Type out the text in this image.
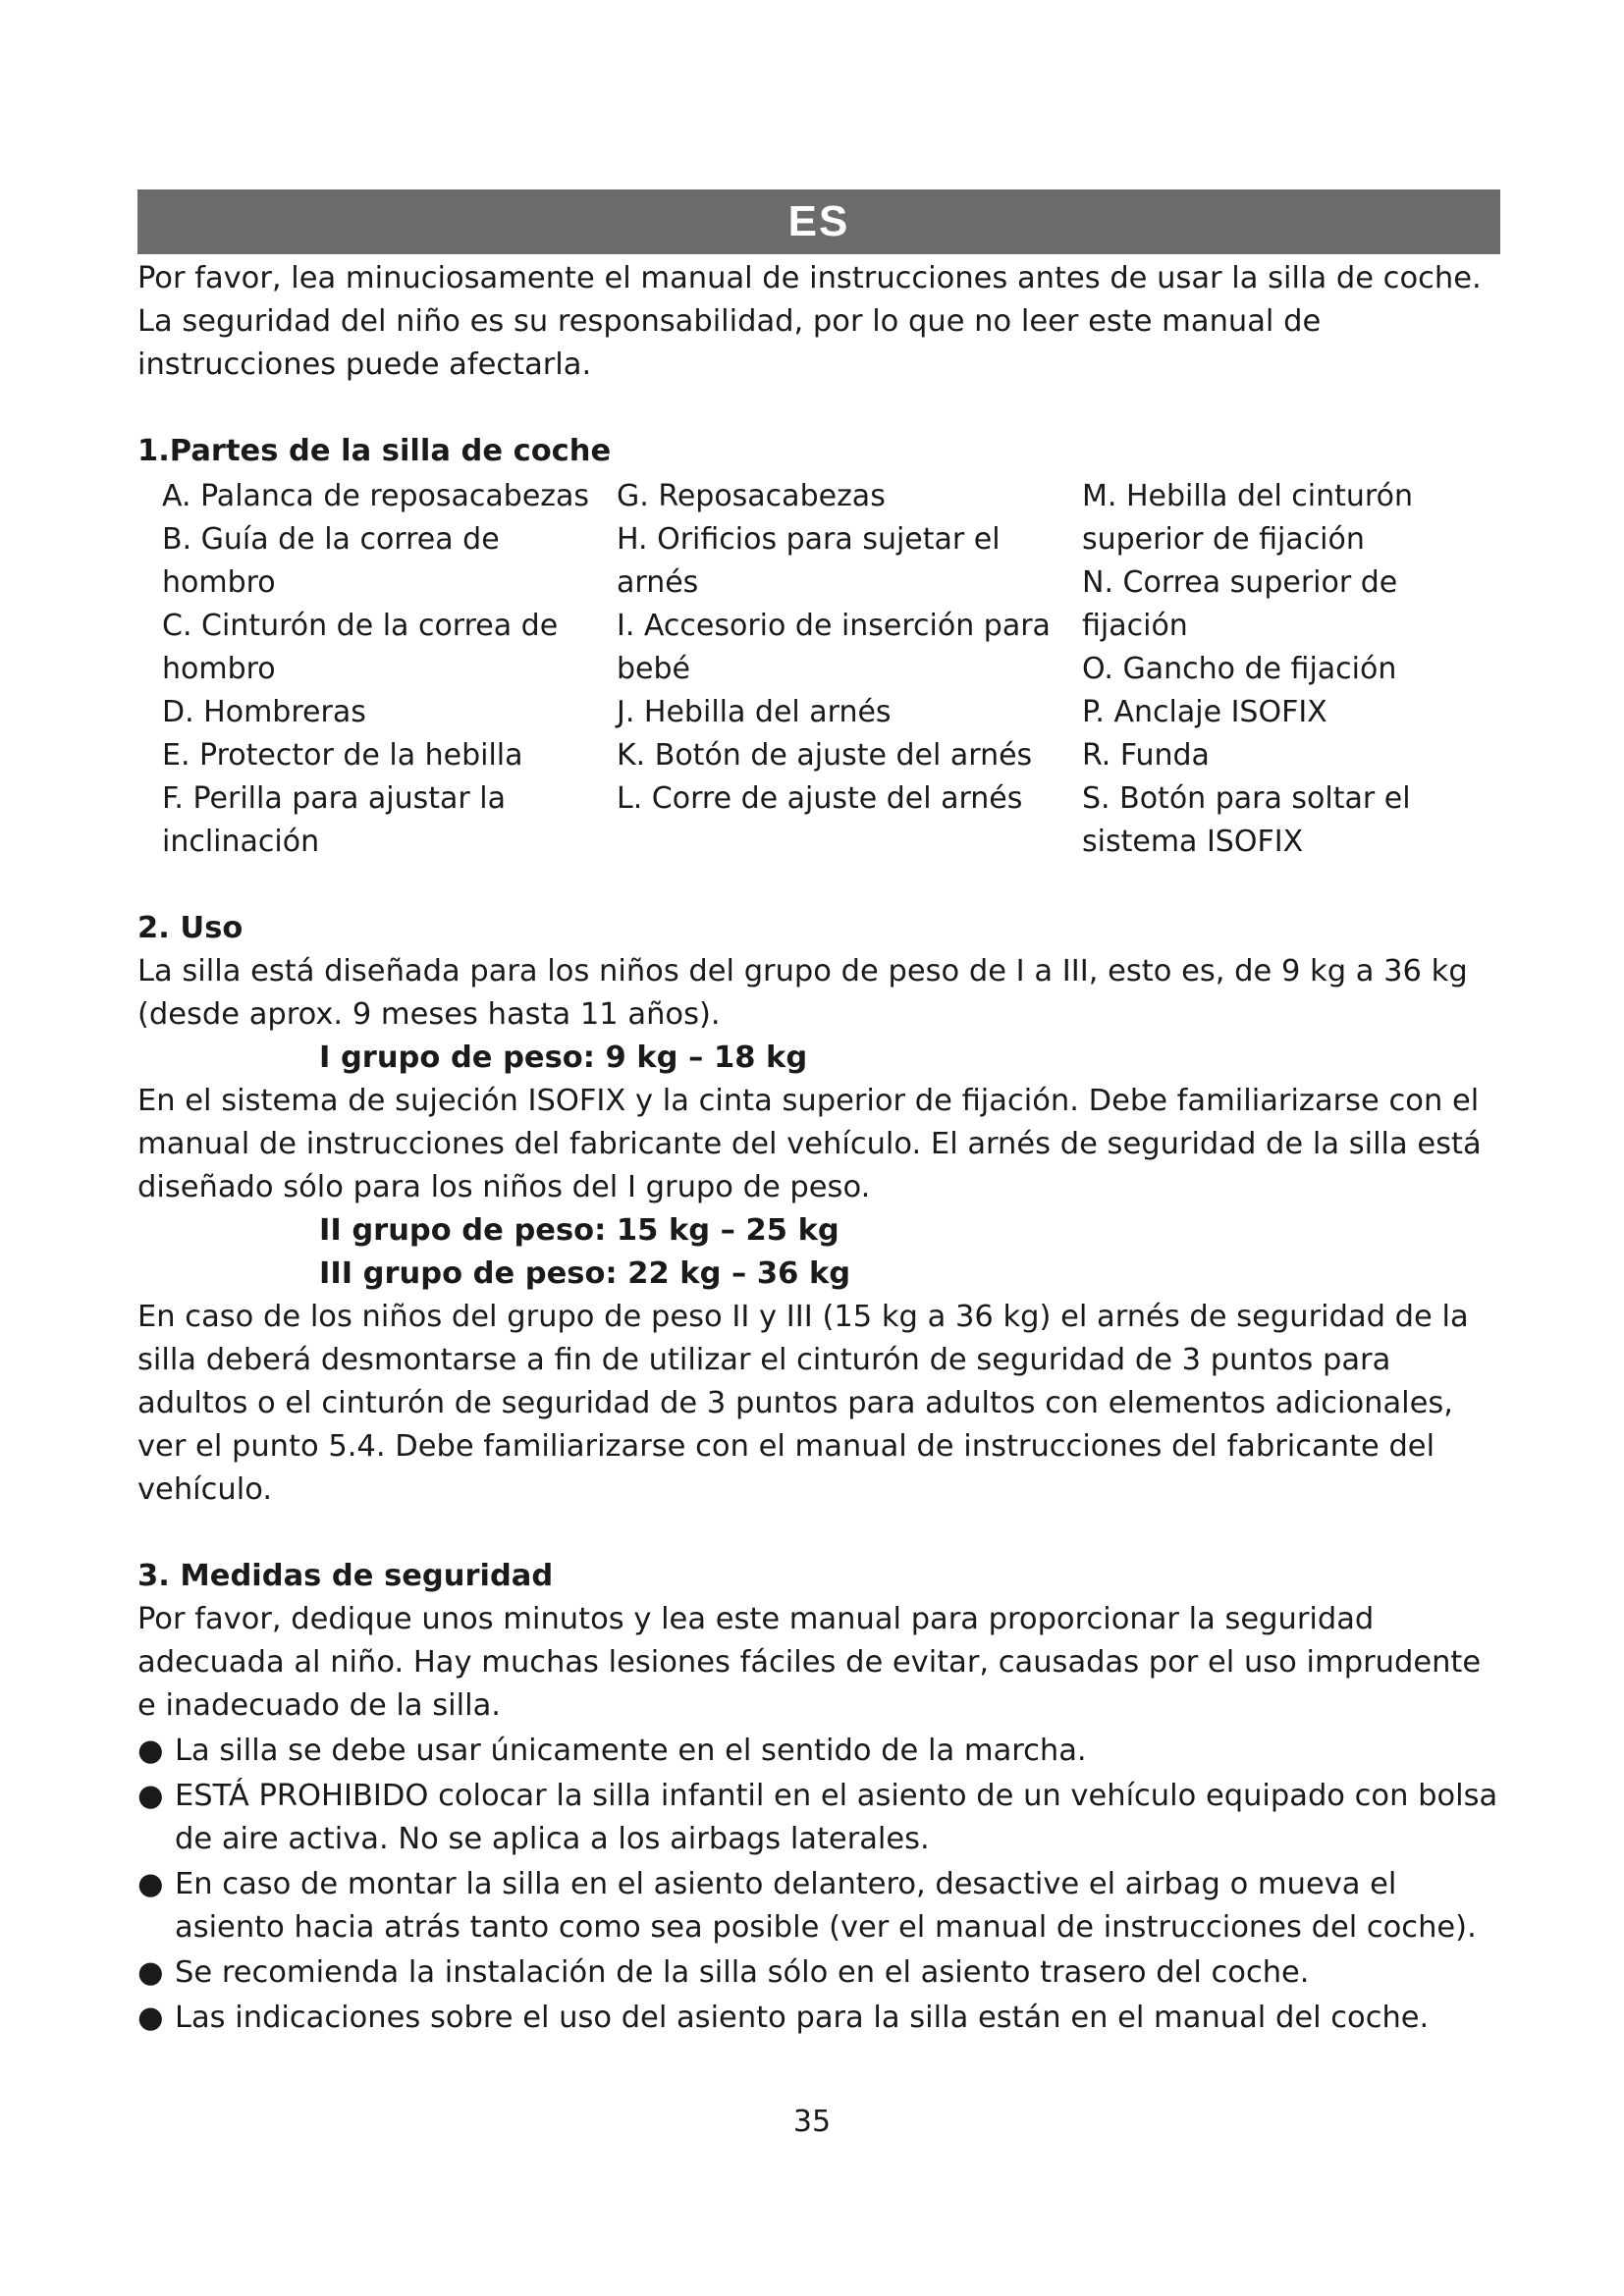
ES

Por favor, lea minuciosamente el manual de instrucciones antes de usar la silla de coche. La seguridad del niño es su responsabilidad, por lo que no leer este manual de instrucciones puede afectarla.

1.Partes de la silla de coche
A. Palanca de reposacabezas
B. Guía de la correa de hombro
C. Cinturón de la correa de hombro
D. Hombreras
E. Protector de la hebilla
F. Perilla para ajustar la inclinación
G. Reposacabezas
H. Orificios para sujetar el arnés
I. Accesorio de inserción para bebé
J. Hebilla del arnés
K. Botón de ajuste del arnés
L. Corre de ajuste del arnés
M. Hebilla del cinturón superior de fijación
N. Correa superior de fijación
O. Gancho de fijación
P. Anclaje ISOFIX
R. Funda
S. Botón para soltar el sistema ISOFIX
2. Uso

La silla está diseñada para los niños del grupo de peso de I a III, esto es, de 9 kg a 36 kg (desde aprox. 9 meses hasta 11 años).

I grupo de peso: 9 kg – 18 kg

En el sistema de sujeción ISOFIX y la cinta superior de fijación. Debe familiarizarse con el manual de instrucciones del fabricante del vehículo. El arnés de seguridad de la silla está diseñado sólo para los niños del I grupo de peso.

II grupo de peso: 15 kg – 25 kg

III grupo de peso: 22 kg – 36 kg

En caso de los niños del grupo de peso II y III (15 kg a 36 kg) el arnés de seguridad de la silla deberá desmontarse a fin de utilizar el cinturón de seguridad de 3 puntos para adultos o el cinturón de seguridad de 3 puntos para adultos con elementos adicionales, ver el punto 5.4. Debe familiarizarse con el manual de instrucciones del fabricante del vehículo.

3. Medidas de seguridad

Por favor, dedique unos minutos y lea este manual para proporcionar la seguridad adecuada al niño. Hay muchas lesiones fáciles de evitar, causadas por el uso imprudente e inadecuado de la silla.

● La silla se debe usar únicamente en el sentido de la marcha.
● ESTÁ PROHIBIDO colocar la silla infantil en el asiento de un vehículo equipado con bolsa de aire activa. No se aplica a los airbags laterales.
● En caso de montar la silla en el asiento delantero, desactive el airbag o mueva el asiento hacia atrás tanto como sea posible (ver el manual de instrucciones del coche).
● Se recomienda la instalación de la silla sólo en el asiento trasero del coche.
● Las indicaciones sobre el uso del asiento para la silla están en el manual del coche.
35
